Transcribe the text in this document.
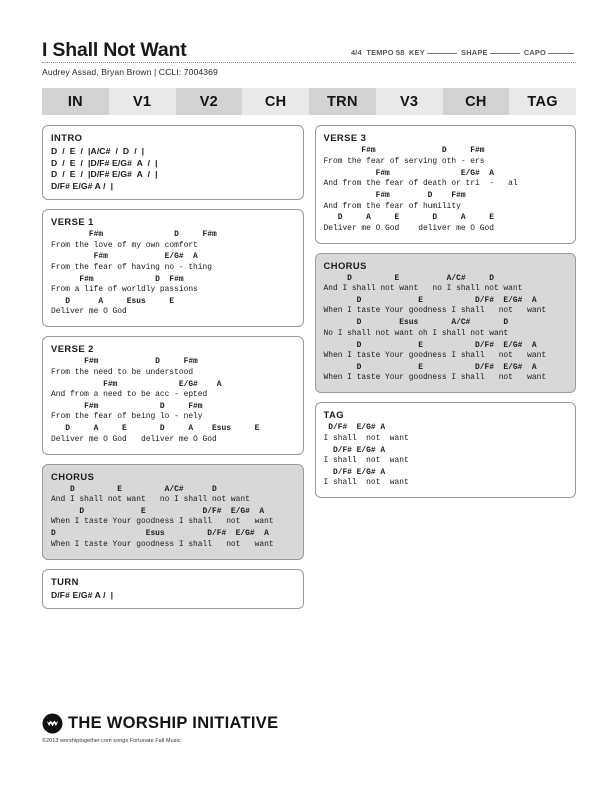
I Shall Not Want	4/4 TEMPO 58 KEY	SHAPE	CAPO
Audrey Assad, Bryan Brown | CCLI: 7004369
IN	V1	V2	CH	TRN	V3	CH	TAG
INTRO
D  /  E  /  |A/C#  /  D  /  |
D  /  E  /  |D/F# E/G#  A  /  |
D  /  E  /  |D/F# E/G#  A  /  |
D/F# E/G# A /  |
VERSE 1
F#m               D     F#m
From the love of my own comfort
F#m            E/G#  A
From the fear of having no - thing
F#m             D  F#m
From a life of worldly passions
D      A     Esus     E
Deliver me O God
VERSE 2
F#m            D     F#m
From the need to be understood
F#m             E/G#    A
And from a need to be acc - epted
F#m             D     F#m
From the fear of being lo - nely
D     A     E       D     A    Esus     E
Deliver me O God   deliver me O God
CHORUS
D         E         A/C#      D
And I shall not want   no I shall not want
D            E            D/F#  E/G#  A
When I taste Your goodness I shall   not   want
D                   Esus         D/F#  E/G#  A
When I taste Your goodness I shall   not   want
TURN
D/F# E/G# A /  |
VERSE 3
F#m              D     F#m
From the fear of serving oth - ers
F#m               E/G#  A
And from the fear of death or tri  -   al
F#m        D    F#m
And from the fear of humility
D     A     E       D     A     E
Deliver me O God    deliver me O God
CHORUS
D         E          A/C#     D
And I shall not want   no I shall not want
D            E           D/F#  E/G#  A
When I taste Your goodness I shall   not   want
D        Esus       A/C#       D
No I shall not want oh I shall not want
D            E           D/F#  E/G#  A
When I taste Your goodness I shall   not   want
D            E           D/F#  E/G#  A
When I taste Your goodness I shall   not   want
TAG
D/F#  E/G# A
I shall  not  want
D/F# E/G# A
I shall  not  want
D/F# E/G# A
I shall  not  want
THE WORSHIP INITIATIVE
©2013 worshiptogether.com songs Fortunate Fall Music
